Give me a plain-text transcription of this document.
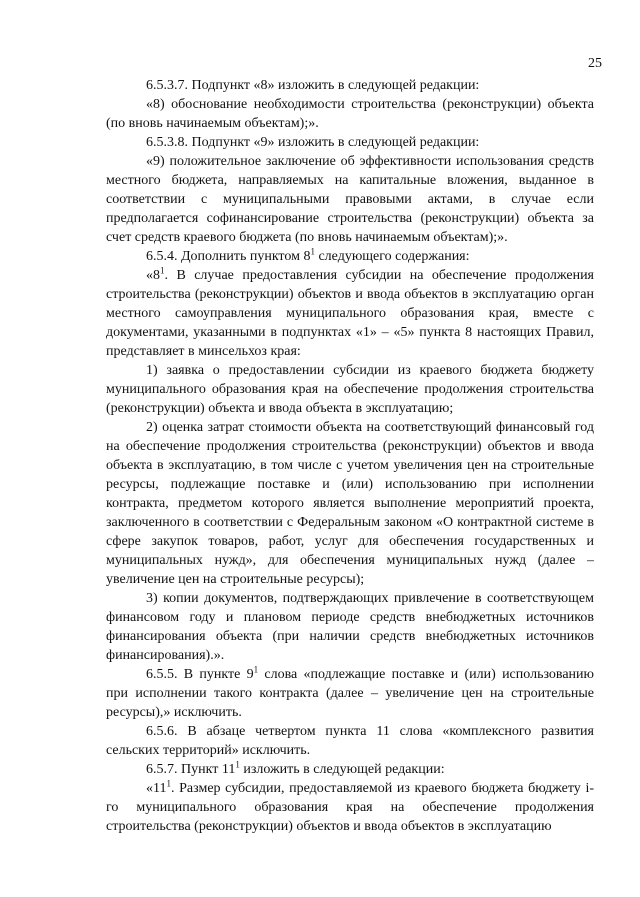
25

6.5.3.7. Подпункт «8» изложить в следующей редакции:

«8) обоснование необходимости строительства (реконструкции) объекта (по вновь начинаемым объектам);».

6.5.3.8. Подпункт «9» изложить в следующей редакции:

«9) положительное заключение об эффективности использования средств местного бюджета, направляемых на капитальные вложения, выданное в соответствии с муниципальными правовыми актами, в случае если предполагается софинансирование строительства (реконструкции) объекта за счет средств краевого бюджета (по вновь начинаемым объектам);».

6.5.4. Дополнить пунктом $8^1$ следующего содержания:

«$8^1$. В случае предоставления субсидии на обеспечение продолжения строительства (реконструкции) объектов и ввода объектов в эксплуатацию орган местного самоуправления муниципального образования края, вместе с документами, указанными в подпунктах «1» – «5» пункта 8 настоящих Правил, представляет в минсельхоз края:

1) заявка о предоставлении субсидии из краевого бюджета бюджету муниципального образования края на обеспечение продолжения строительства (реконструкции) объекта и ввода объекта в эксплуатацию;

2) оценка затрат стоимости объекта на соответствующий финансовый год на обеспечение продолжения строительства (реконструкции) объектов и ввода объекта в эксплуатацию, в том числе с учетом увеличения цен на строительные ресурсы, подлежащие поставке и (или) использованию при исполнении контракта, предметом которого является выполнение мероприятий проекта, заключенного в соответствии с Федеральным законом «О контрактной системе в сфере закупок товаров, работ, услуг для обеспечения государственных и муниципальных нужд», для обеспечения муниципальных нужд (далее – увеличение цен на строительные ресурсы);

3) копии документов, подтверждающих привлечение в соответствующем финансовом году и плановом периоде средств внебюджетных источников финансирования объекта (при наличии средств внебюджетных источников финансирования).».

6.5.5. В пункте $9^1$ слова «подлежащие поставке и (или) использованию при исполнении такого контракта (далее – увеличение цен на строительные ресурсы),» исключить.

6.5.6. В абзаце четвертом пункта 11 слова «комплексного развития сельских территорий» исключить.

6.5.7. Пункт $11^1$ изложить в следующей редакции:

«$11^1$. Размер субсидии, предоставляемой из краевого бюджета бюджету i-го муниципального образования края на обеспечение продолжения строительства (реконструкции) объектов и ввода объектов в эксплуатацию
